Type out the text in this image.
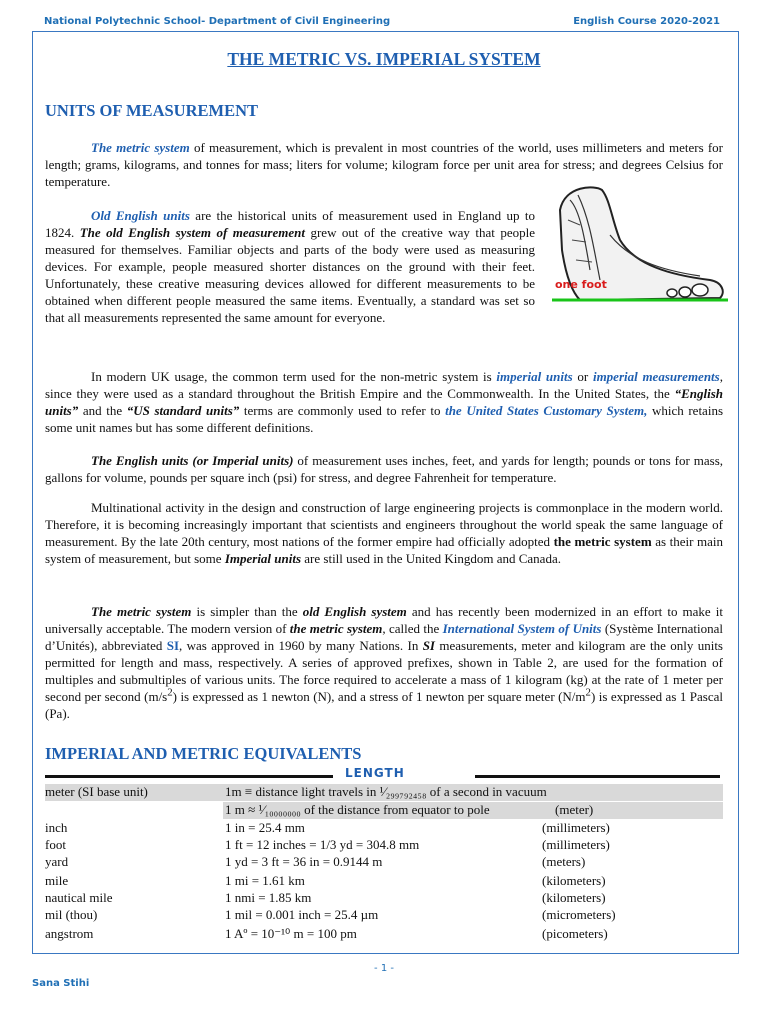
National Polytechnic School- Department of Civil Engineering	English Course 2020-2021
THE METRIC VS. IMPERIAL SYSTEM
UNITS OF MEASUREMENT

The metric system of measurement, which is prevalent in most countries of the world, uses millimeters and meters for length; grams, kilograms, and tonnes for mass; liters for volume; kilogram force per unit area for stress; and degrees Celsius for temperature.

Old English units are the historical units of measurement used in England up to 1824. The old English system of measurement grew out of the creative way that people measured for themselves. Familiar objects and parts of the body were used as measuring devices. For example, people measured shorter distances on the ground with their feet. Unfortunately, these creative measuring devices allowed for different measurements to be obtained when different people measured the same items. Eventually, a standard was set so that all measurements represented the same amount for everyone.

one foot

In modern UK usage, the common term used for the non-metric system is imperial units or imperial measurements, since they were used as a standard throughout the British Empire and the Commonwealth. In the United States, the “English units” and the “US standard units” terms are commonly used to refer to the United States Customary System, which retains some unit names but has some different definitions.

The English units (or Imperial units) of measurement uses inches, feet, and yards for length; pounds or tons for mass, gallons for volume, pounds per square inch (psi) for stress, and degree Fahrenheit for temperature.

Multinational activity in the design and construction of large engineering projects is commonplace in the modern world. Therefore, it is becoming increasingly important that scientists and engineers throughout the world speak the same language of measurement. By the late 20th century, most nations of the former empire had officially adopted the metric system as their main system of measurement, but some Imperial units are still used in the United Kingdom and Canada.

The metric system is simpler than the old English system and has recently been modernized in an effort to make it universally acceptable. The modern version of the metric system, called the International System of Units (Système International d’Unités), abbreviated SI, was approved in 1960 by many Nations. In SI measurements, meter and kilogram are the only units permitted for length and mass, respectively. A series of approved prefixes, shown in Table 2, are used for the formation of multiples and submultiples of various units. The force required to accelerate a mass of 1 kilogram (kg) at the rate of 1 meter per second per second $(m/s^2)$ is expressed as 1 newton (N), and a stress of 1 newton per square meter $(N/m^2)$ is expressed as 1 Pascal (Pa).

IMPERIAL AND METRIC EQUIVALENTS
LENGTH
meter (SI base unit)	1m ≡ distance light travels in ¹⁄₂₉₉₇₉₂₄₅₈ of a second in vacuum
1 m ≈ ¹⁄₁₀₀₀₀₀₀₀ of the distance from equator to pole	(meter)
inch	1 in = 25.4 mm	(millimeters)
foot	1 ft = 12 inches = 1/3 yd = 304.8 mm	(millimeters)
yard	1 yd = 3 ft = 36 in = 0.9144 m	(meters)
mile	1 mi = 1.61 km	(kilometers)
nautical mile	1 nmi = 1.85 km	(kilometers)
mil (thou)	1 mil = 0.001 inch = 25.4 µm	(micrometers)
angstrom	1 Aº = 10⁻¹⁰ m = 100 pm	(picometers)
- 1 -
Sana Stihi
